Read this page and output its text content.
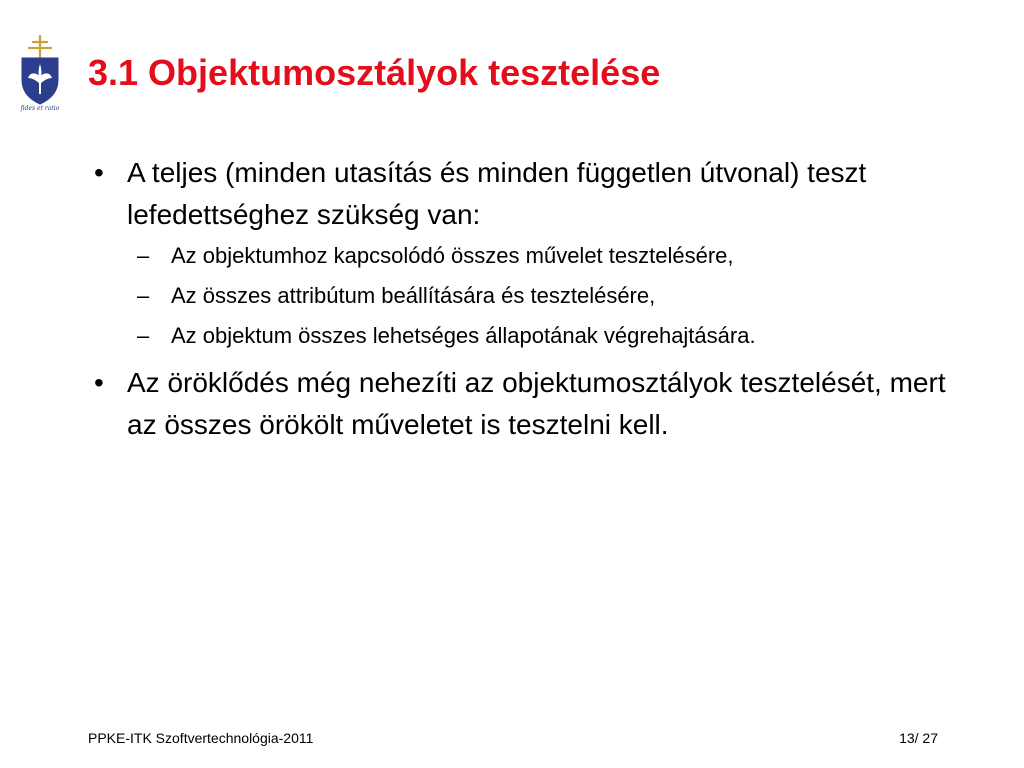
fides et ratio
3.1 Objektumosztályok tesztelése
• A teljes (minden utasítás és minden független útvonal) teszt lefedettséghez szükség van:
– Az objektumhoz kapcsolódó összes művelet tesztelésére,
– Az összes attribútum beállítására és tesztelésére,
– Az objektum összes lehetséges állapotának végrehajtására.
• Az öröklődés még nehezíti az objektumosztályok tesztelését, mert az összes örökölt műveletet is tesztelni kell.
PPKE-ITK Szoftvertechnológia-2011	13/ 27
